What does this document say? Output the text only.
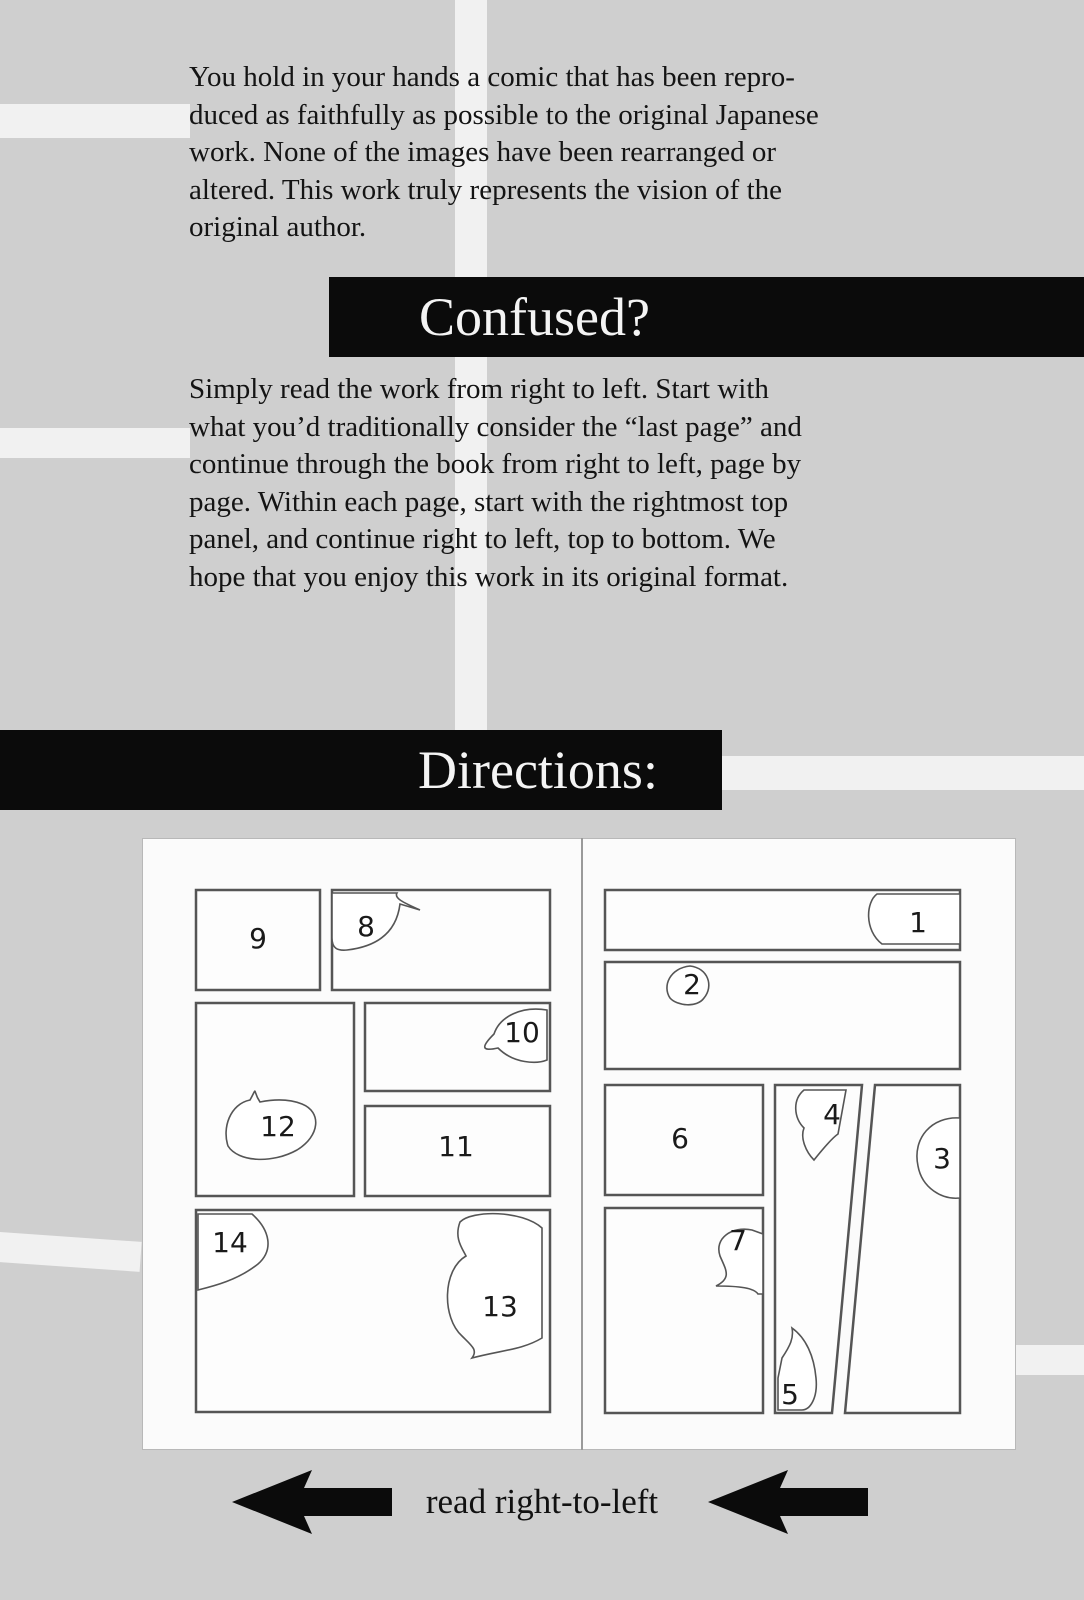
You hold in your hands a comic that has been repro-
duced as faithfully as possible to the original Japanese
work. None of the images have been rearranged or
altered. This work truly represents the vision of the
original author.
Confused?
Simply read the work from right to left. Start with
what you’d traditionally consider the “last page” and
continue through the book from right to left, page by
page. Within each page, start with the rightmost top
panel, and continue right to left, top to bottom. We
hope that you enjoy this work in its original format.
Directions:
9	8
10
12
11
14
13
1
2
3
4
5
6
7
read right-to-left
